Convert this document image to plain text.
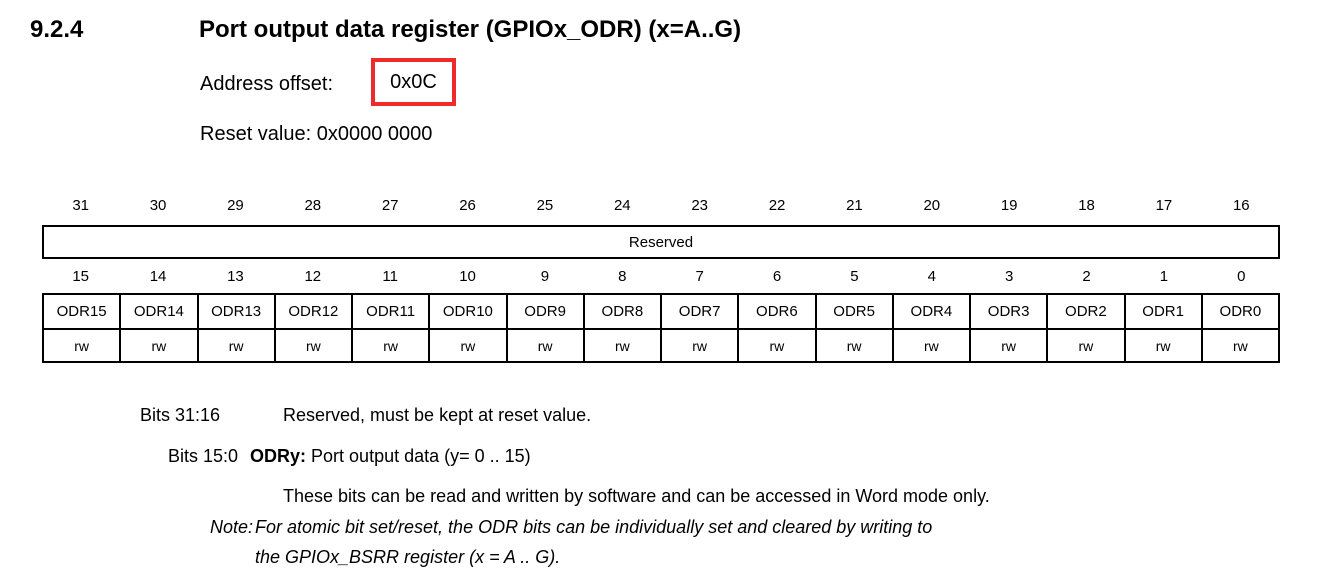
9.2.4	Port output data register (GPIOx_ODR) (x=A..G)
Address offset:	0x0C
Reset value: 0x0000 0000
31	30	29	28	27	26	25	24	23	22	21	20	19	18	17	16
Reserved
15	14	13	12	11	10	9	8	7	6	5	4	3	2	1	0
ODR15	ODR14	ODR13	ODR12	ODR11	ODR10	ODR9	ODR8	ODR7	ODR6	ODR5	ODR4	ODR3	ODR2	ODR1	ODR0
rw	rw	rw	rw	rw	rw	rw	rw	rw	rw	rw	rw	rw	rw	rw	rw
Bits 31:16	Reserved, must be kept at reset value.
Bits 15:0 ODRy: Port output data (y= 0 .. 15)
These bits can be read and written by software and can be accessed in Word mode only.
Note: For atomic bit set/reset, the ODR bits can be individually set and cleared by writing to
the GPIOx_BSRR register (x = A .. G).
